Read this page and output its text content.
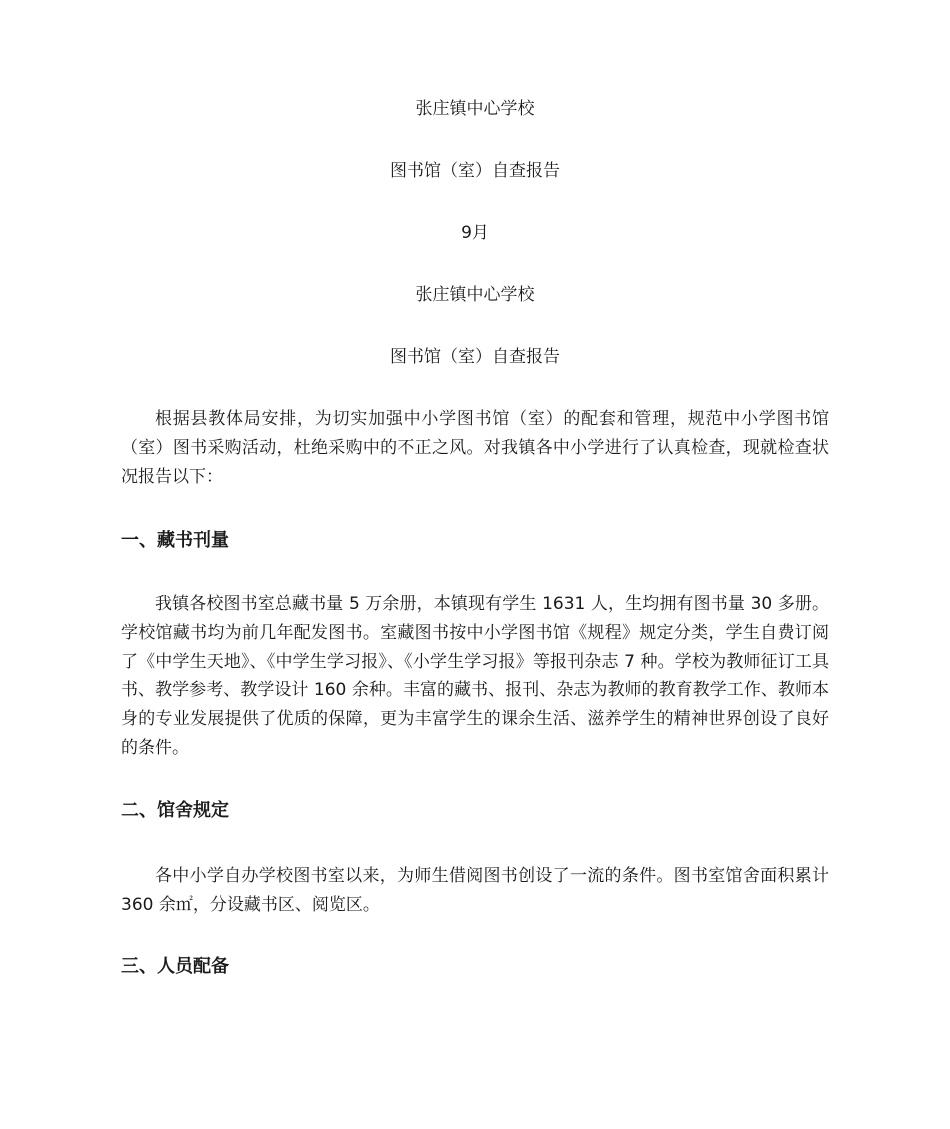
张庄镇中心学校
图书馆（室）自查报告
9月
张庄镇中心学校
图书馆（室）自查报告

根据县教体局安排，为切实加强中小学图书馆（室）的配套和管理，规范中小学图书馆（室）图书采购活动，杜绝采购中的不正之风。对我镇各中小学进行了认真检查，现就检查状况报告以下：

一、藏书刊量

我镇各校图书室总藏书量 5 万余册，本镇现有学生 1631 人，生均拥有图书量 30 多册。学校馆藏书均为前几年配发图书。室藏图书按中小学图书馆《规程》规定分类，学生自费订阅了《中学生天地》、《中学生学习报》、《小学生学习报》等报刊杂志 7 种。学校为教师征订工具书、教学参考、教学设计 160 余种。丰富的藏书、报刊、杂志为教师的教育教学工作、教师本身的专业发展提供了优质的保障，更为丰富学生的课余生活、滋养学生的精神世界创设了良好的条件。

二、馆舍规定

各中小学自办学校图书室以来，为师生借阅图书创设了一流的条件。图书室馆舍面积累计 360 余㎡，分设藏书区、阅览区。

三、人员配备
